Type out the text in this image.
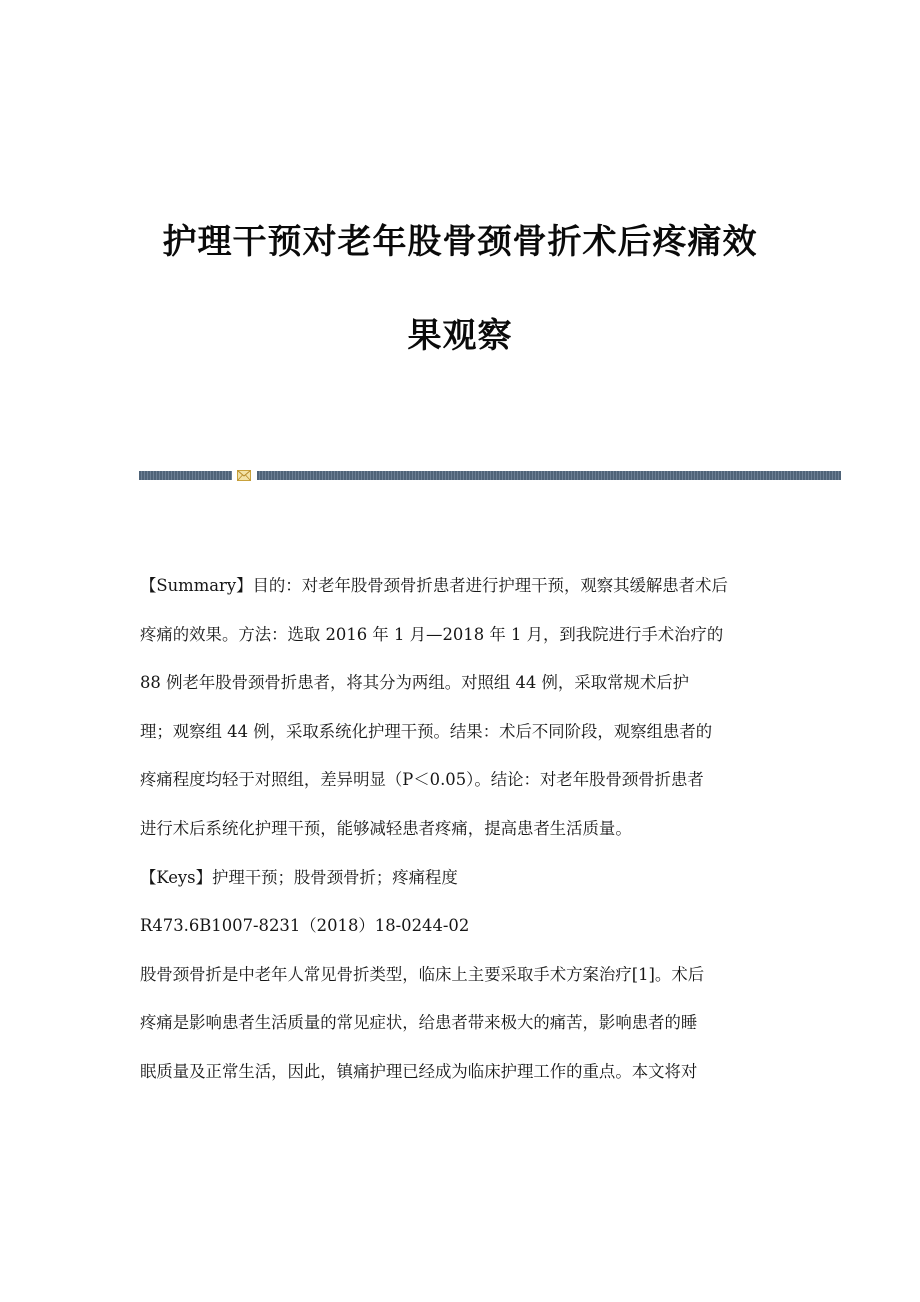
护理干预对老年股骨颈骨折术后疼痛效
果观察

【Summary】目的：对老年股骨颈骨折患者进行护理干预，观察其缓解患者术后
疼痛的效果。方法：选取 2016 年 1 月—2018 年 1 月，到我院进行手术治疗的
88 例老年股骨颈骨折患者，将其分为两组。对照组 44 例，采取常规术后护
理；观察组 44 例，采取系统化护理干预。结果：术后不同阶段，观察组患者的
疼痛程度均轻于对照组，差异明显（P＜0.05）。结论：对老年股骨颈骨折患者
进行术后系统化护理干预，能够减轻患者疼痛，提高患者生活质量。

【Keys】护理干预；股骨颈骨折；疼痛程度

R473.6B1007-8231（2018）18-0244-02

股骨颈骨折是中老年人常见骨折类型，临床上主要采取手术方案治疗[1]。术后
疼痛是影响患者生活质量的常见症状，给患者带来极大的痛苦，影响患者的睡
眠质量及正常生活，因此，镇痛护理已经成为临床护理工作的重点。本文将对
